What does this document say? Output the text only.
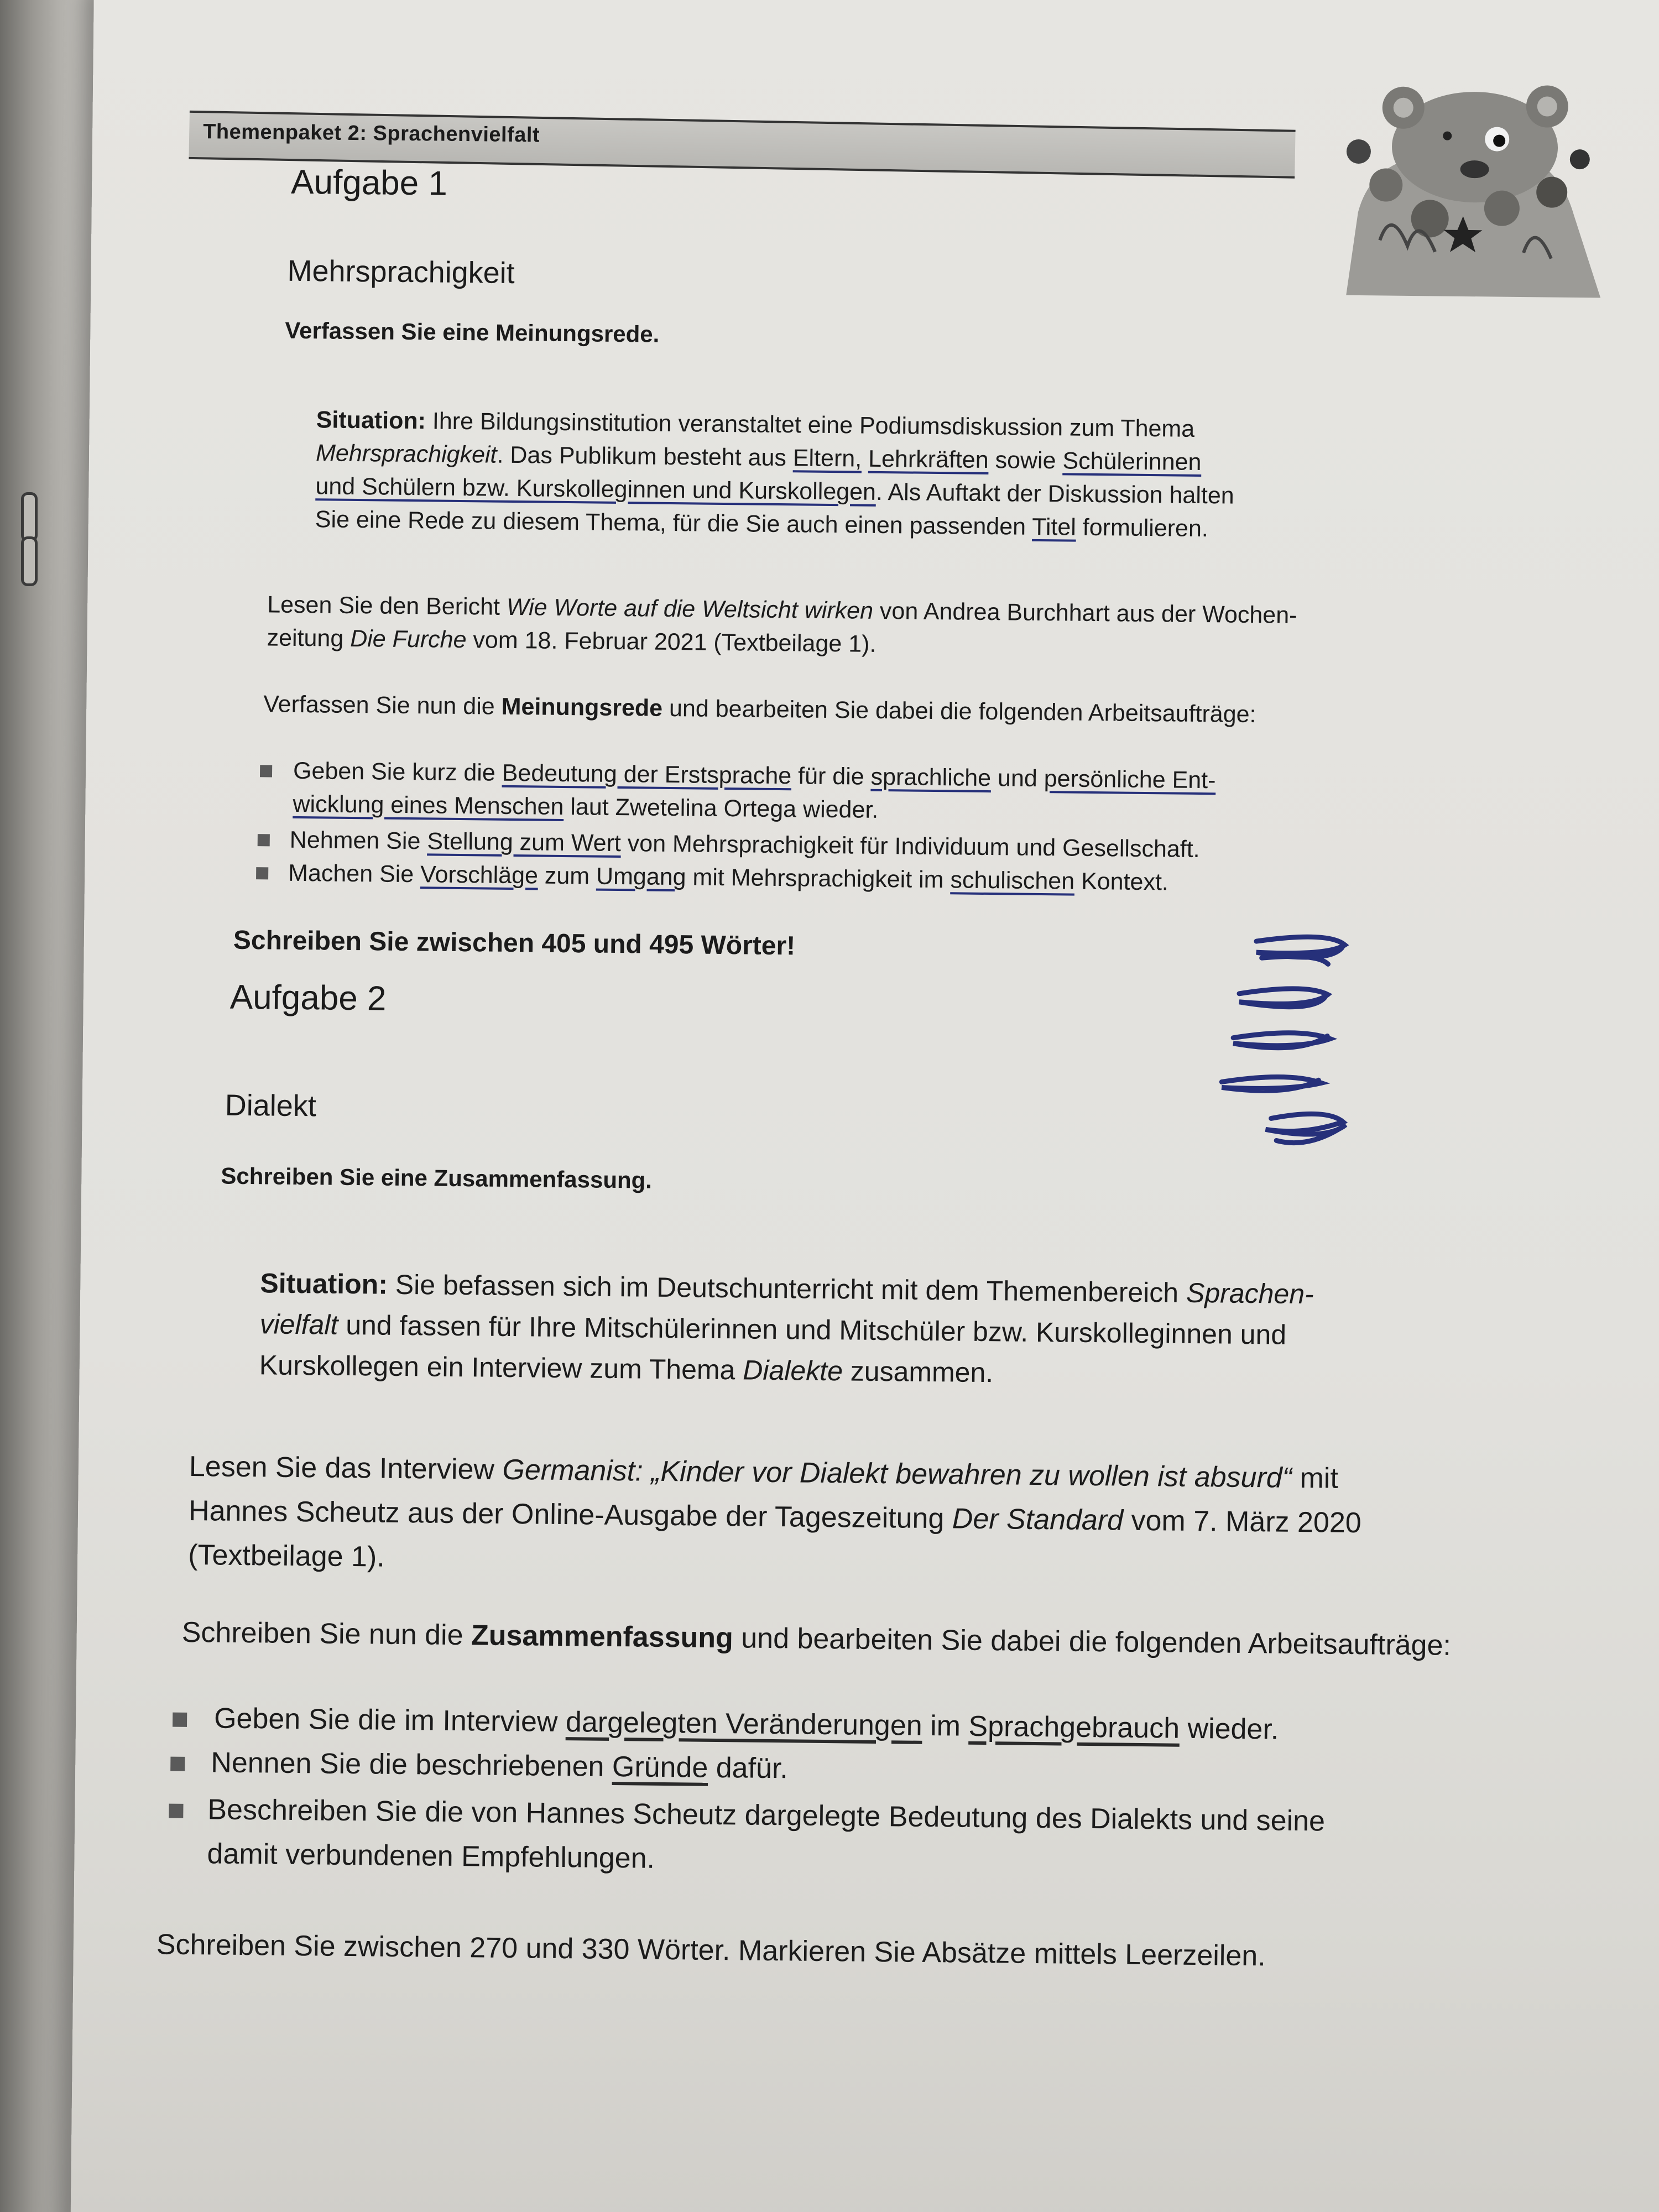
Themenpaket 2: Sprachenvielfalt
Aufgabe 1
Mehrsprachigkeit
Verfassen Sie eine Meinungsrede.
Situation: Ihre Bildungsinstitution veranstaltet eine Podiumsdiskussion zum Thema
Mehrsprachigkeit. Das Publikum besteht aus Eltern, Lehrkräften sowie Schülerinnen
und Schülern bzw. Kurskolleginnen und Kurskollegen. Als Auftakt der Diskussion halten
Sie eine Rede zu diesem Thema, für die Sie auch einen passenden Titel formulieren.
Lesen Sie den Bericht Wie Worte auf die Weltsicht wirken von Andrea Burchhart aus der Wochen-
zeitung Die Furche vom 18. Februar 2021 (Textbeilage 1).
Verfassen Sie nun die Meinungsrede und bearbeiten Sie dabei die folgenden Arbeitsaufträge:
Geben Sie kurz die Bedeutung der Erstsprache für die sprachliche und persönliche Ent-
wicklung eines Menschen laut Zwetelina Ortega wieder.
Nehmen Sie Stellung zum Wert von Mehrsprachigkeit für Individuum und Gesellschaft.
Machen Sie Vorschläge zum Umgang mit Mehrsprachigkeit im schulischen Kontext.
Schreiben Sie zwischen 405 und 495 Wörter!
Aufgabe 2
Dialekt
Schreiben Sie eine Zusammenfassung.
Situation: Sie befassen sich im Deutschunterricht mit dem Themenbereich Sprachen-
vielfalt und fassen für Ihre Mitschülerinnen und Mitschüler bzw. Kurskolleginnen und
Kurskollegen ein Interview zum Thema Dialekte zusammen.
Lesen Sie das Interview Germanist: „Kinder vor Dialekt bewahren zu wollen ist absurd“ mit
Hannes Scheutz aus der Online-Ausgabe der Tageszeitung Der Standard vom 7. März 2020
(Textbeilage 1).
Schreiben Sie nun die Zusammenfassung und bearbeiten Sie dabei die folgenden Arbeitsaufträge:
Geben Sie die im Interview dargelegten Veränderungen im Sprachgebrauch wieder.
Nennen Sie die beschriebenen Gründe dafür.
Beschreiben Sie die von Hannes Scheutz dargelegte Bedeutung des Dialekts und seine
damit verbundenen Empfehlungen.
Schreiben Sie zwischen 270 und 330 Wörter. Markieren Sie Absätze mittels Leerzeilen.
